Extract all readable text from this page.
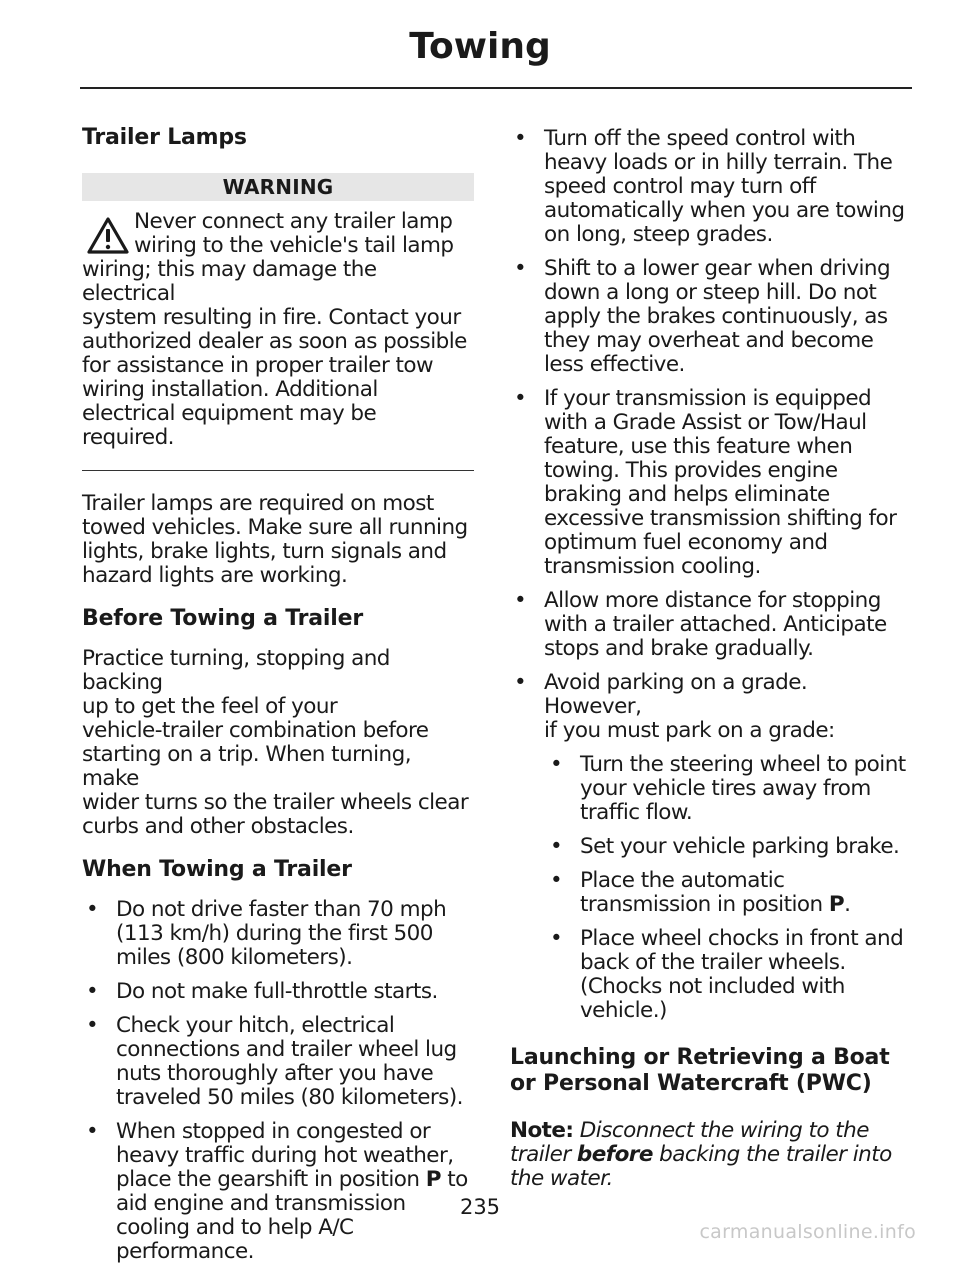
Towing
Trailer Lamps
WARNING

Never connect any trailer lamp

wiring to the vehicle's tail lamp

wiring; this may damage the electrical

system resulting in fire. Contact your

authorized dealer as soon as possible

for assistance in proper trailer tow

wiring installation. Additional

electrical equipment may be required.

Trailer lamps are required on most

towed vehicles. Make sure all running

lights, brake lights, turn signals and

hazard lights are working.

Before Towing a Trailer

Practice turning, stopping and backing

up to get the feel of your

vehicle-trailer combination before

starting on a trip. When turning, make

wider turns so the trailer wheels clear

curbs and other obstacles.

When Towing a Trailer
• Do not drive faster than 70 mph

(113 km/h) during the first 500

miles (800 kilometers).

• Do not make full-throttle starts.

• Check your hitch, electrical

connections and trailer wheel lug

nuts thoroughly after you have

traveled 50 miles (80 kilometers).

• When stopped in congested or

heavy traffic during hot weather,

place the gearshift in position P to

aid engine and transmission

cooling and to help A/C

performance.

• Turn off the speed control with

heavy loads or in hilly terrain. The

speed control may turn off

automatically when you are towing

on long, steep grades.

• Shift to a lower gear when driving

down a long or steep hill. Do not

apply the brakes continuously, as

they may overheat and become

less effective.

• If your transmission is equipped

with a Grade Assist or Tow/Haul

feature, use this feature when

towing. This provides engine

braking and helps eliminate

excessive transmission shifting for

optimum fuel economy and

transmission cooling.

• Allow more distance for stopping

with a trailer attached. Anticipate

stops and brake gradually.

• Avoid parking on a grade. However,

if you must park on a grade:

• Turn the steering wheel to point

your vehicle tires away from

traffic flow.

• Set your vehicle parking brake.

• Place the automatic

transmission in position P.

• Place wheel chocks in front and

back of the trailer wheels.

(Chocks not included with

vehicle.)

Launching or Retrieving a Boat
or Personal Watercraft (PWC)

Note: Disconnect the wiring to the

trailer before backing the trailer into

the water.

235
carmanualsonline.info
